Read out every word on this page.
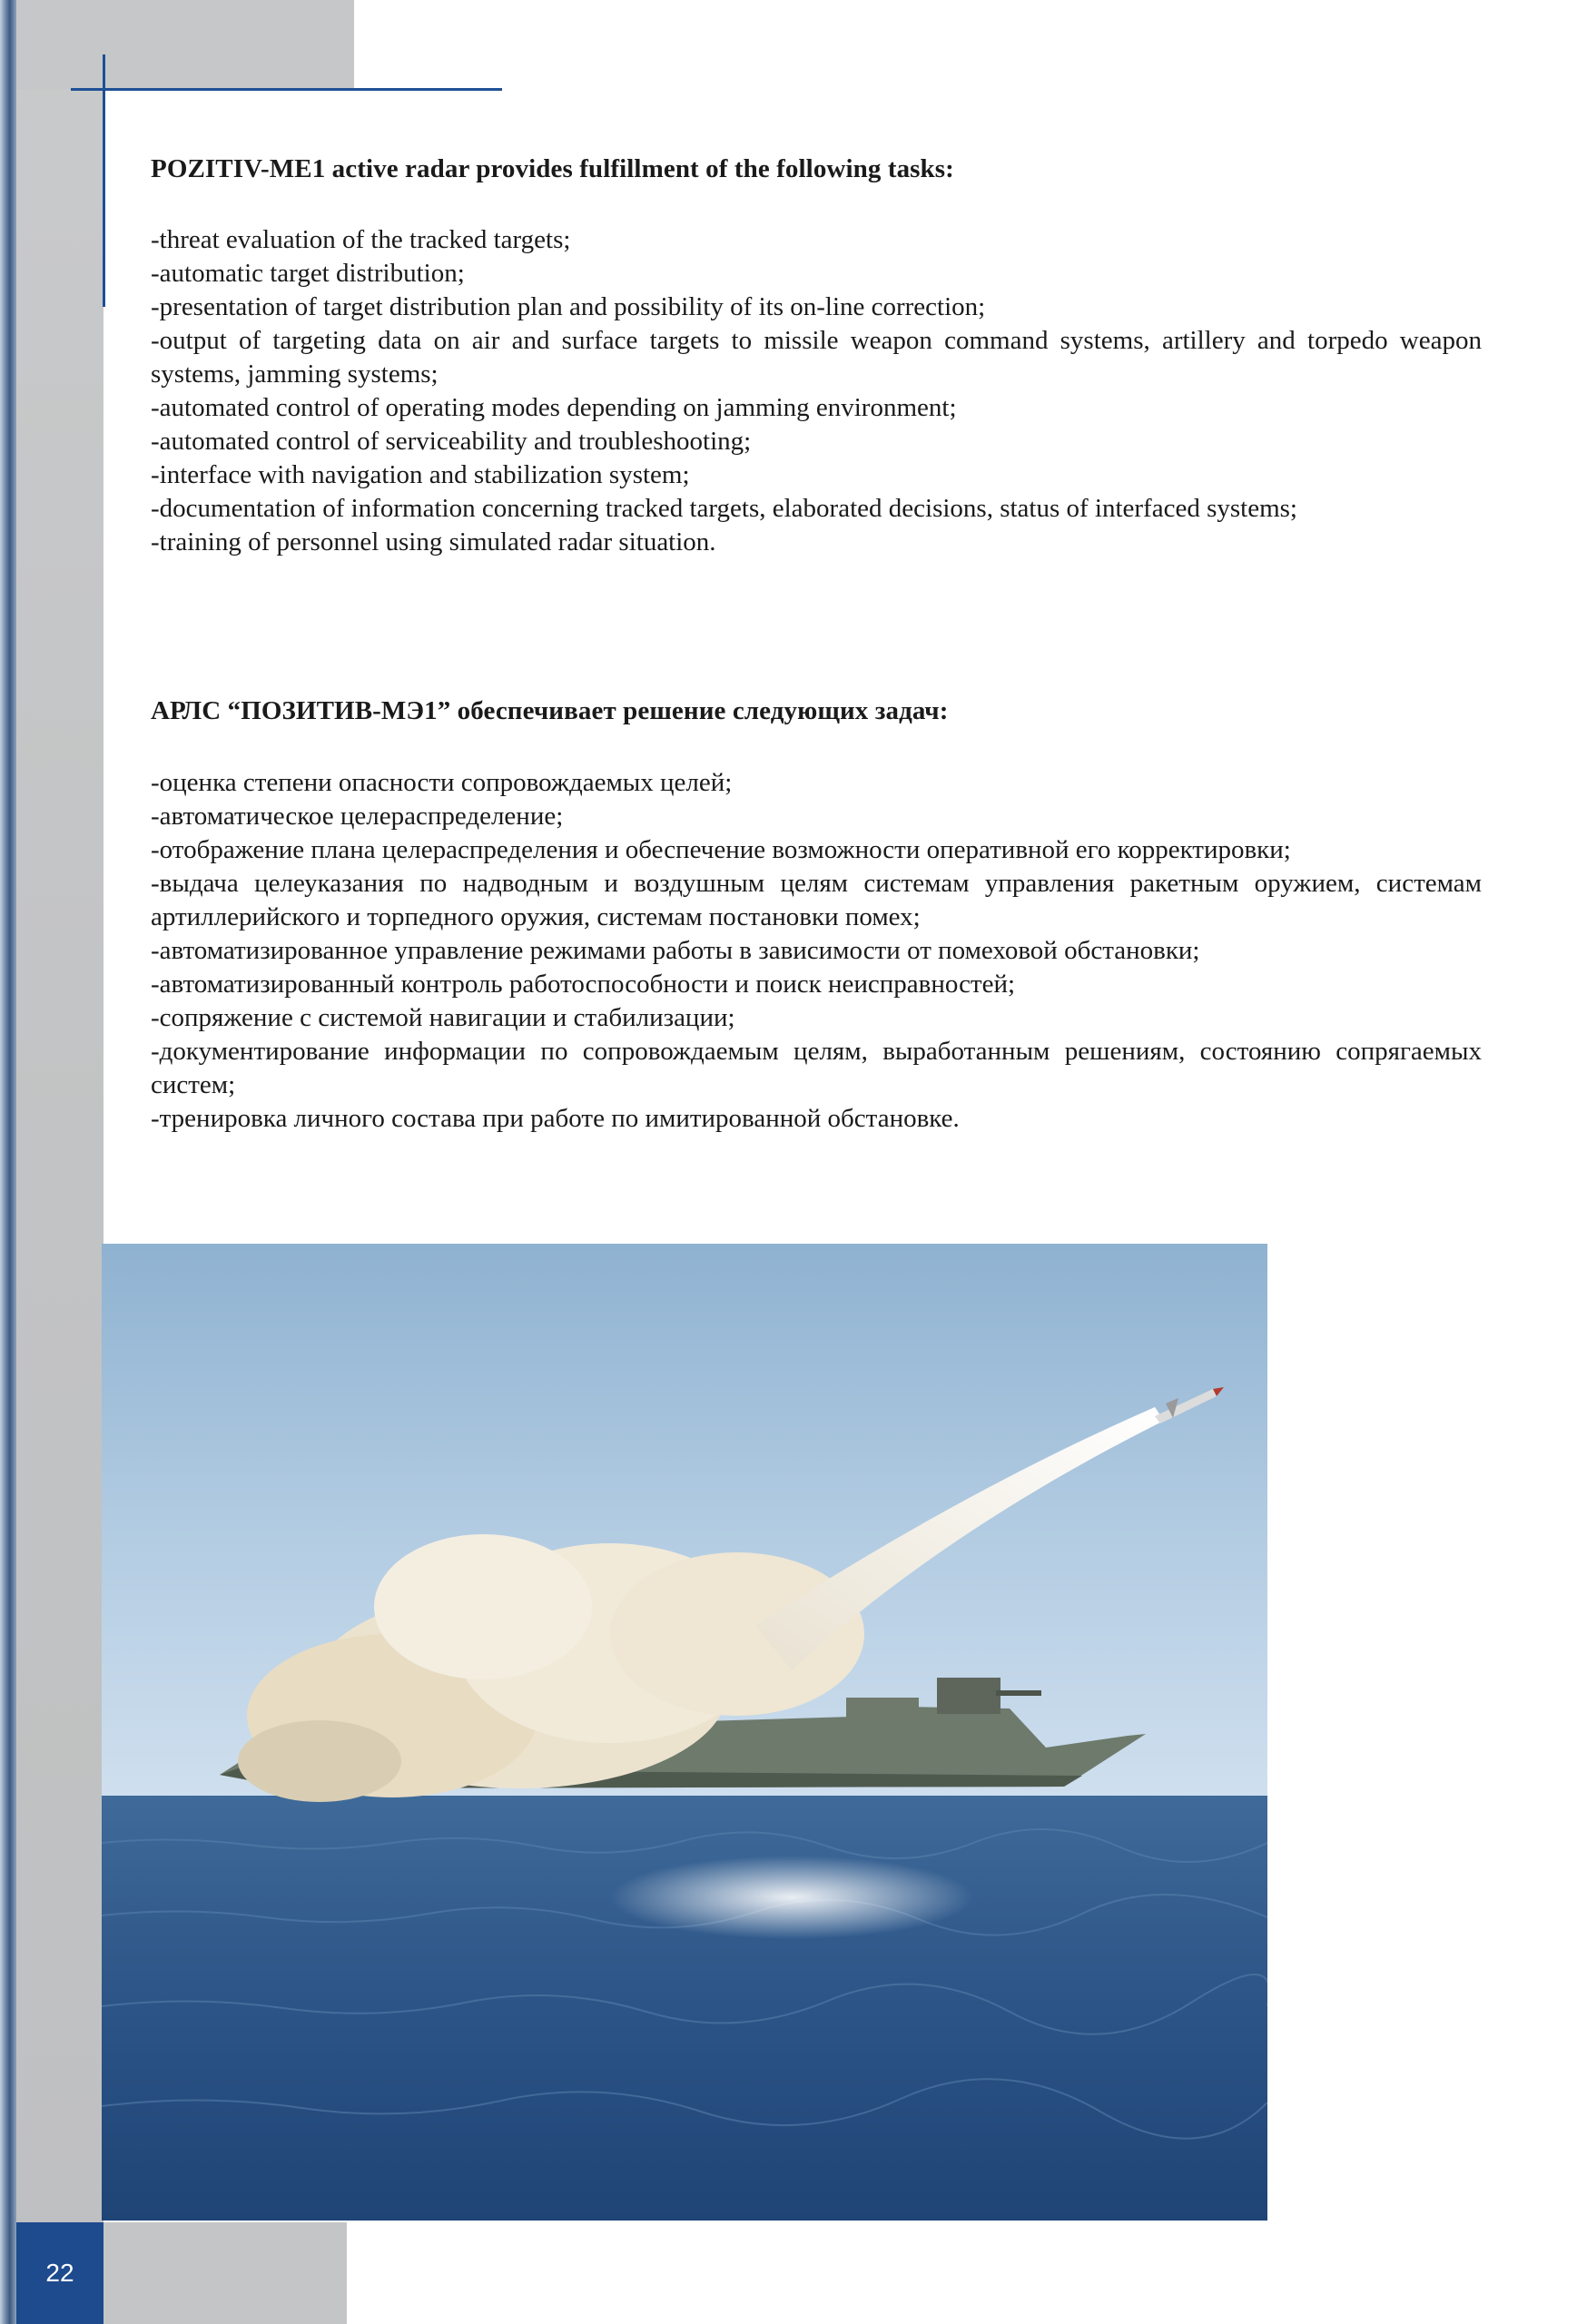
POZITIV-ME1 active radar provides fulfillment of the following tasks:
-threat evaluation of the tracked targets;
-automatic target distribution;
-presentation of target distribution plan and possibility of its on-line correction;
-output of targeting data on air and surface targets to missile weapon command systems, artillery and torpedo weapon systems, jamming systems;
-automated control of operating modes depending on jamming environment;
-automated control of serviceability and troubleshooting;
-interface with navigation and stabilization system;
-documentation of information concerning tracked targets, elaborated decisions, status of interfaced systems;
-training of personnel using simulated radar situation.
АРЛС “ПОЗИТИВ-МЭ1” обеспечивает решение следующих задач:
-оценка степени опасности сопровождаемых целей;
-автоматическое целераспределение;
-отображение плана целераспределения и обеспечение возможности оперативной его корректировки;
-выдача целеуказания по надводным и воздушным целям системам управления ракетным оружием, системам артиллерийского и торпедного оружия, системам постановки помех;
-автоматизированное управление режимами работы в зависимости от помеховой обстановки;
-автоматизированный контроль работоспособности и поиск неисправностей;
-сопряжение с системой навигации и стабилизации;
-документирование информации по сопровождаемым целям, выработанным решениям, состоянию сопрягаемых систем;
-тренировка личного состава при работе по имитированной обстановке.
22
